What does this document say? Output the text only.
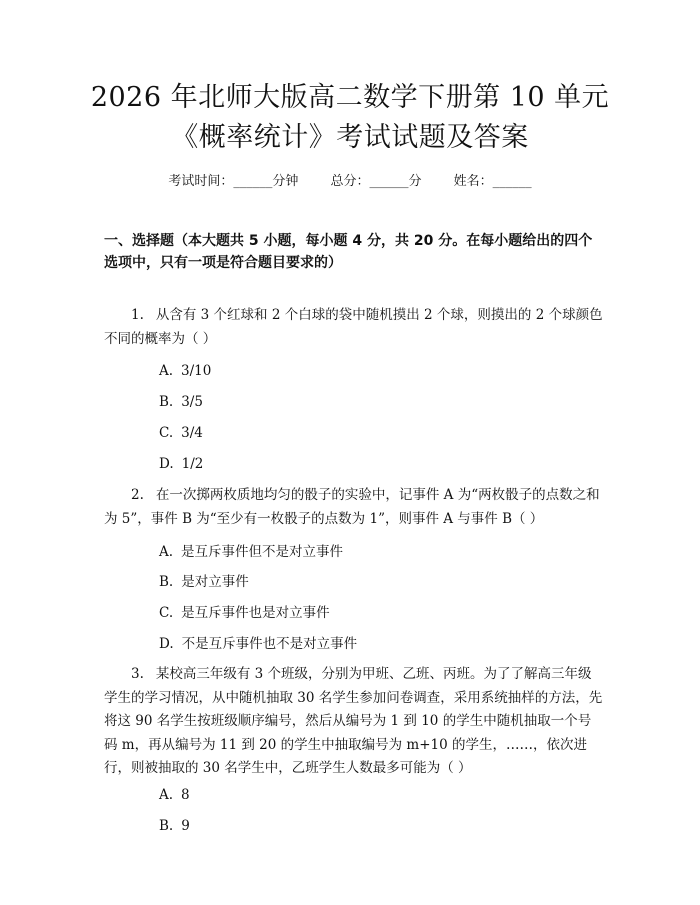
2026 年北师大版高二数学下册第 10 单元
《概率统计》考试试题及答案
考试时间：______分钟 总分：______分 姓名：______
一、选择题（本大题共 5 小题，每小题 4 分，共 20 分。在每小题给出的四个选项中，只有一项是符合题目要求的）
1. 从含有 3 个红球和 2 个白球的袋中随机摸出 2 个球，则摸出的 2 个球颜色不同的概率为（ ）
A. 3/10
B. 3/5
C. 3/4
D. 1/2
2. 在一次掷两枚质地均匀的骰子的实验中，记事件 A 为“两枚骰子的点数之和为 5”，事件 B 为“至少有一枚骰子的点数为 1”，则事件 A 与事件 B（ ）
A. 是互斥事件但不是对立事件
B. 是对立事件
C. 是互斥事件也是对立事件
D. 不是互斥事件也不是对立事件
3. 某校高三年级有 3 个班级，分别为甲班、乙班、丙班。为了了解高三年级学生的学习情况，从中随机抽取 30 名学生参加问卷调查，采用系统抽样的方法，先将这 90 名学生按班级顺序编号，然后从编号为 1 到 10 的学生中随机抽取一个号码 m，再从编号为 11 到 20 的学生中抽取编号为 m+10 的学生，……，依次进行，则被抽取的 30 名学生中，乙班学生人数最多可能为（ ）
A. 8
B. 9
